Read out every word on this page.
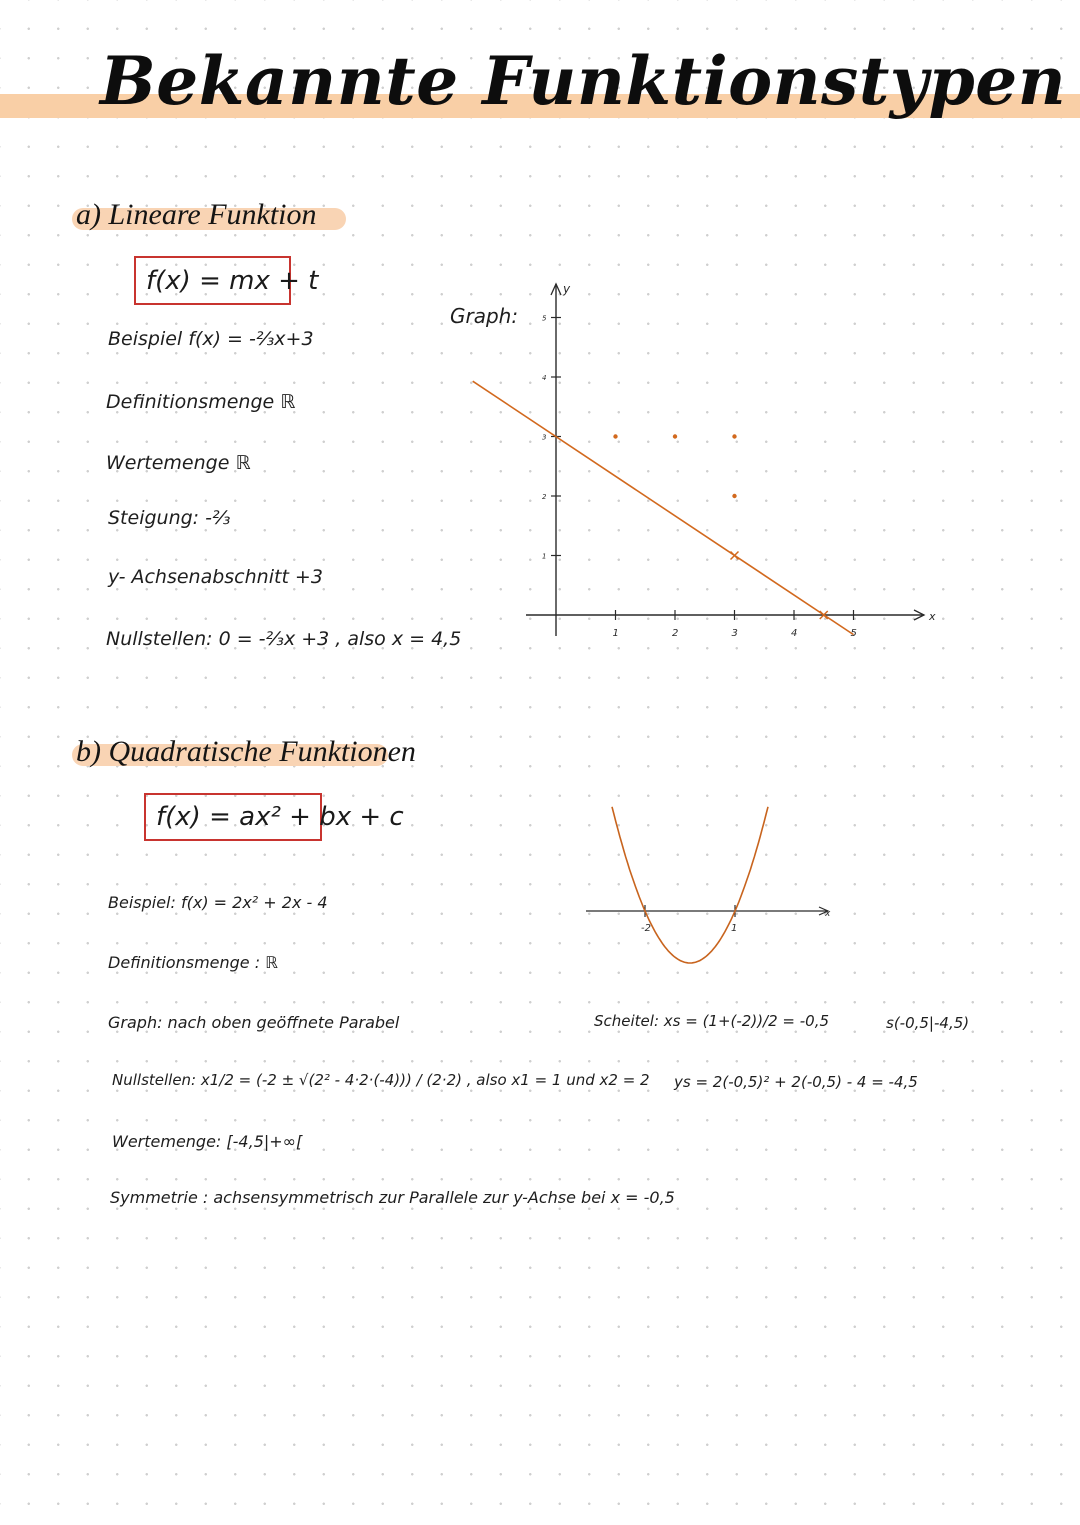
Bekannte Funktionstypen
a) Lineare Funktion
f(x) = mx + t
Beispiel f(x) = -⅔x+3
Definitionsmenge ℝ
Wertemenge ℝ
Steigung: -⅔
y- Achsenabschnitt +3
Nullstellen: 0 = -⅔x +3 , also x = 4,5
Graph:
x
y
1	2	3	4	5
1
2
3
4
5
b) Quadratische Funktionen
f(x) = ax² + bx + c
Beispiel: f(x) = 2x² + 2x - 4
Definitionsmenge : ℝ
Graph: nach oben geöffnete Parabel
Nullstellen: x1/2 = (-2 ± √(2² - 4·2·(-4))) / (2·2) , also x1 = 1 und x2 = 2
Wertemenge: [-4,5|+∞[
Symmetrie : achsensymmetrisch zur Parallele zur y-Achse bei x = -0,5
Scheitel: xs = (1+(-2))/2 = -0,5	s(-0,5|-4,5)
ys = 2(-0,5)² + 2(-0,5) - 4 = -4,5
x
-2	1
